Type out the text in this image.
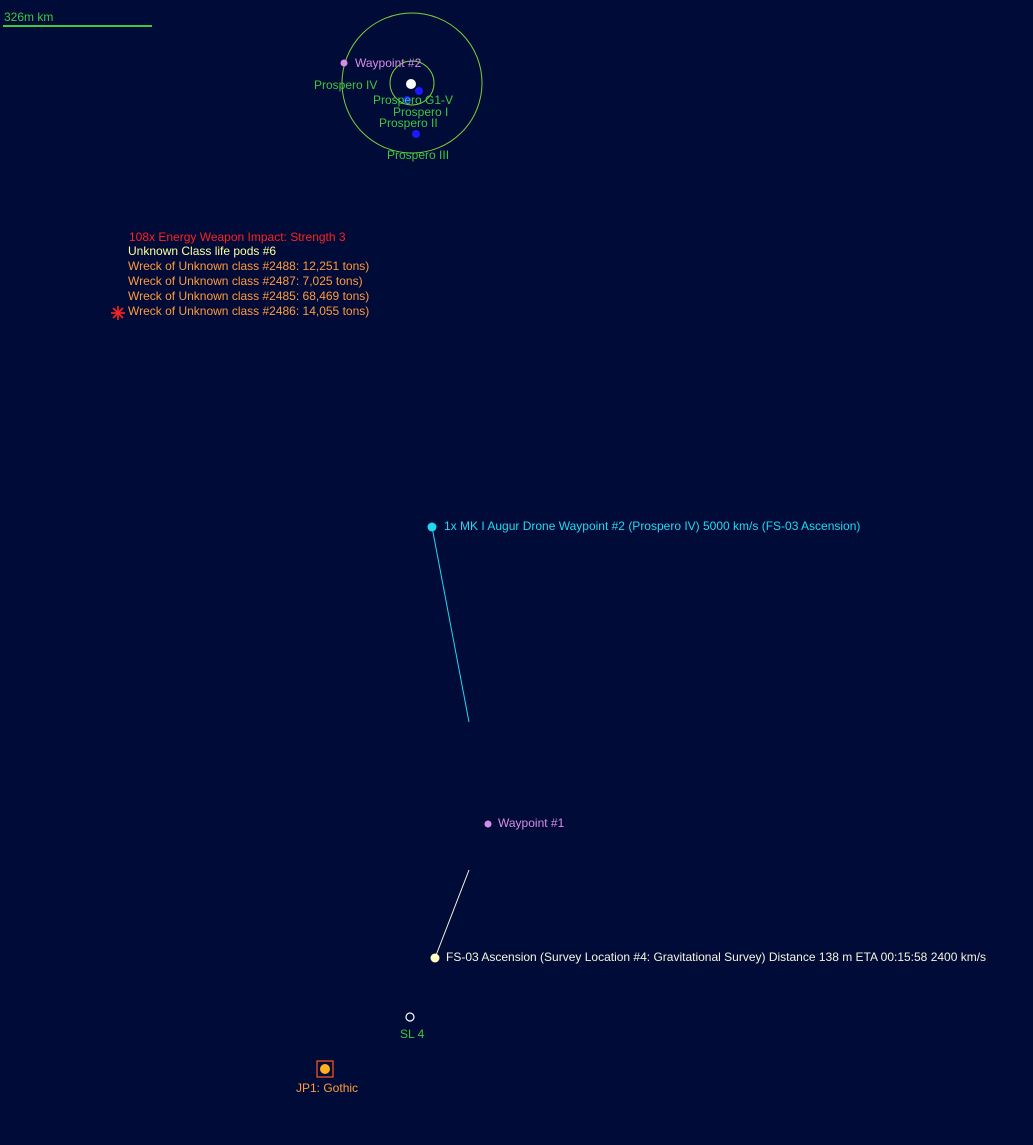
326m km
Waypoint #2
Prospero IV
Prospero G1-V
Prospero I
Prospero II
Prospero III
108x Energy Weapon Impact: Strength 3
Unknown Class life pods #6
Wreck of Unknown class #2488: 12,251 tons)
Wreck of Unknown class #2487: 7,025 tons)
Wreck of Unknown class #2485: 68,469 tons)
Wreck of Unknown class #2486: 14,055 tons)
1x MK I Augur Drone Waypoint #2 (Prospero IV) 5000 km/s (FS-03 Ascension)
Waypoint #1
FS-03 Ascension (Survey Location #4: Gravitational Survey) Distance 138 m ETA 00:15:58 2400 km/s
SL 4
JP1: Gothic
